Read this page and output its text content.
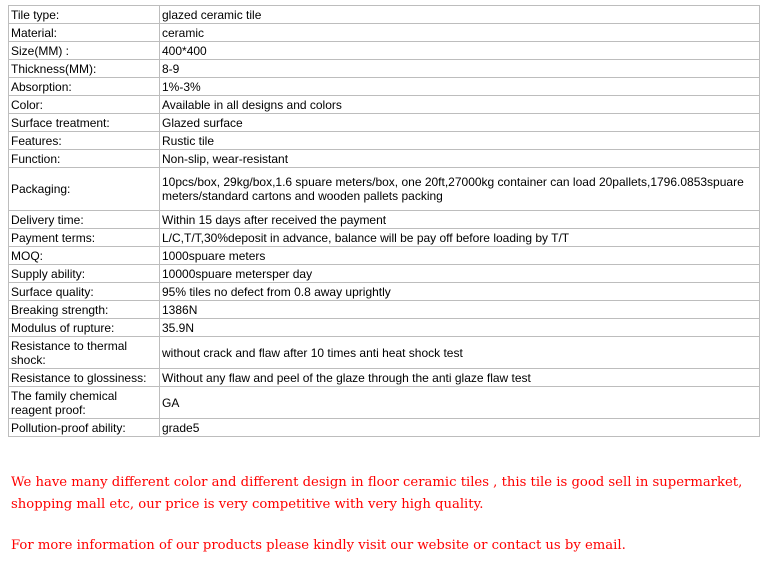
Tile type:	glazed ceramic tile
Material:	ceramic
Size(MM) :	400*400
Thickness(MM):	8-9
Absorption:	1%-3%
Color:	Available in all designs and colors
Surface treatment:	Glazed surface
Features:	Rustic tile
Function:	Non-slip, wear-resistant
Packaging:	10pcs/box, 29kg/box,1.6 spuare meters/box, one 20ft,27000kg container can load 20pallets,1796.0853spuare meters/standard cartons and wooden pallets packing
Delivery time:	Within 15 days after received the payment
Payment terms:	L/C,T/T,30%deposit in advance, balance will be pay off before loading by T/T
MOQ:	1000spuare meters
Supply ability:	10000spuare metersper day
Surface quality:	95% tiles no defect from 0.8 away uprightly
Breaking strength:	1386N
Modulus of rupture:	35.9N
Resistance to thermal shock:	without crack and flaw after 10 times anti heat shock test
Resistance to glossiness:	Without any flaw and peel of the glaze through the anti glaze flaw test
The family chemical reagent proof:	GA
Pollution-proof ability:	grade5

We have many different color and different design in floor ceramic tiles , this tile is good sell in supermarket, shopping mall etc, our price is very competitive with very high quality.

For more information of our products please kindly visit our website or contact us by email.
